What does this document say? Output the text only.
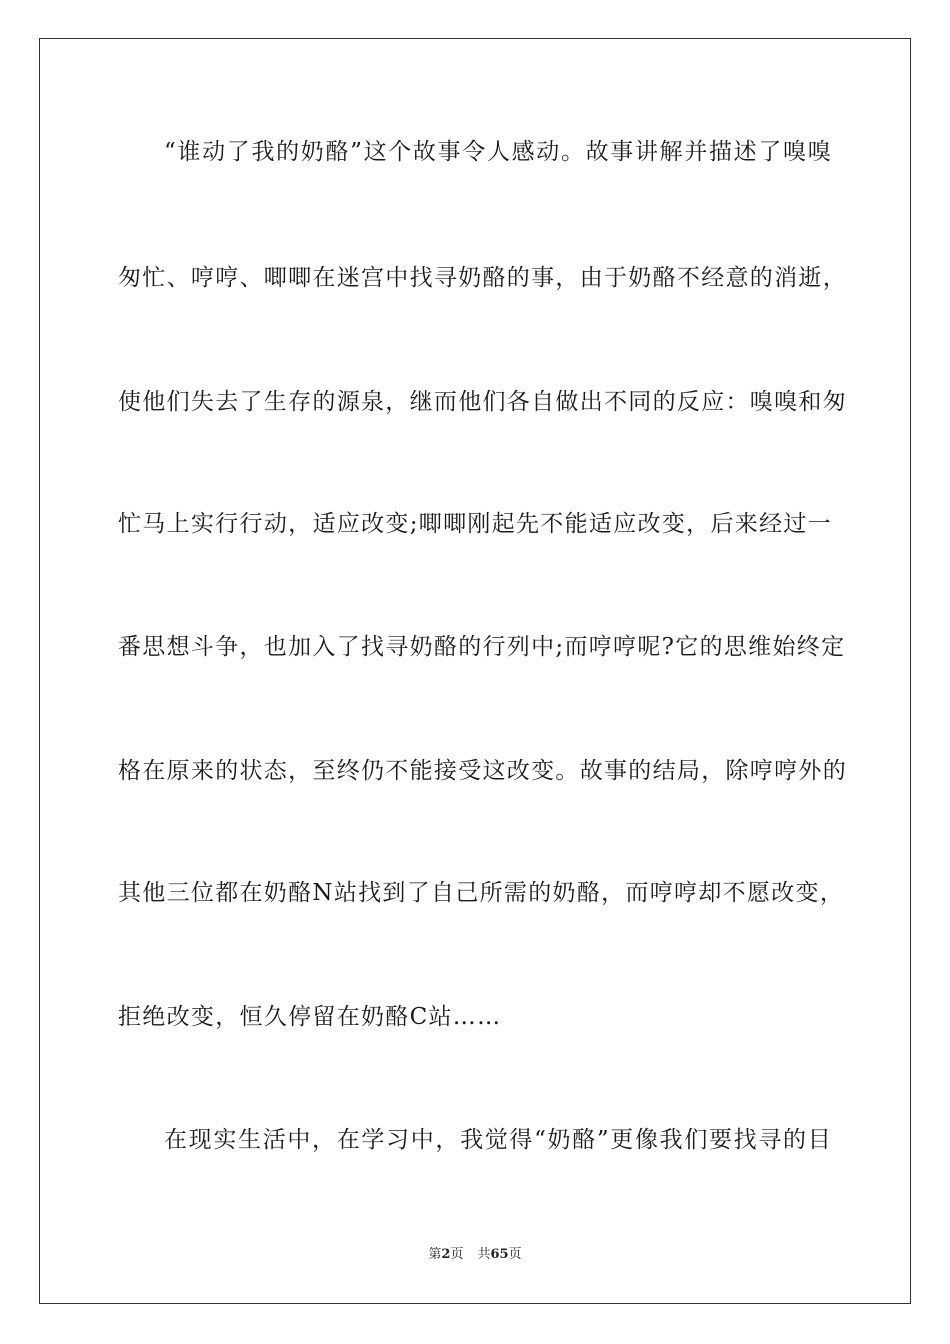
“谁动了我的奶酪”这个故事令人感动。故事讲解并描述了嗅嗅
匆忙、哼哼、唧唧在迷宫中找寻奶酪的事，由于奶酪不经意的消逝，
使他们失去了生存的源泉，继而他们各自做出不同的反应：嗅嗅和匆
忙马上实行行动，适应改变;唧唧刚起先不能适应改变，后来经过一
番思想斗争，也加入了找寻奶酪的行列中;而哼哼呢?它的思维始终定
格在原来的状态，至终仍不能接受这改变。故事的结局，除哼哼外的
其他三位都在奶酪N站找到了自己所需的奶酪，而哼哼却不愿改变，
拒绝改变，恒久停留在奶酪C站……
在现实生活中，在学习中，我觉得“奶酪”更像我们要找寻的目
第2页 共65页
